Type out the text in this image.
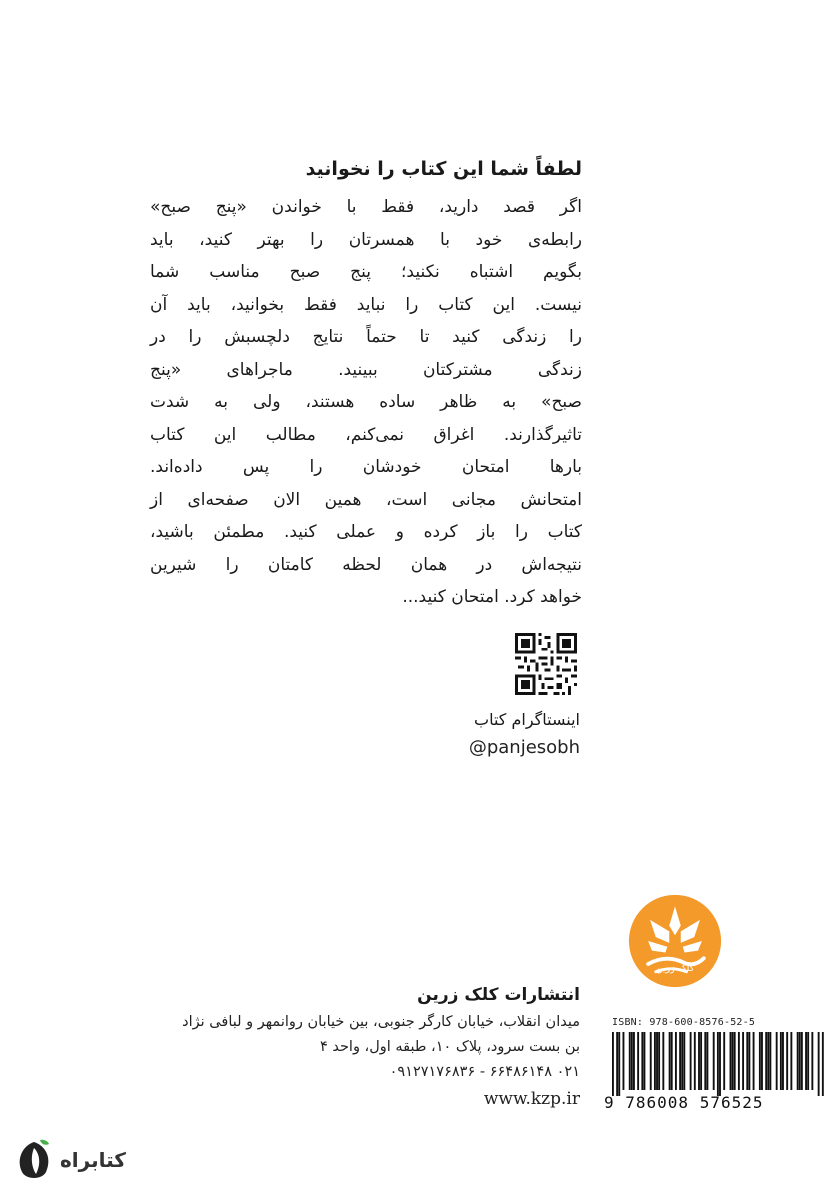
لطفاً شما این کتاب را نخوانید

اگر قصد دارید، فقط با خواندن «پنج صبح»

رابطه‌ی خود با همسرتان را بهتر کنید، باید

بگویم اشتباه نکنید؛ پنج صبح مناسب شما

نیست. این کتاب را نباید فقط بخوانید، باید آن

را زندگی کنید تا حتماً نتایج دلچسبش را در

زندگی مشترکتان ببینید. ماجراهای «پنج

صبح» به ظاهر ساده هستند، ولی به شدت

تاثیرگذارند. اغراق نمی‌کنم، مطالب این کتاب

بارها امتحان خودشان را پس داده‌اند.

امتحانش مجانی است، همین الان صفحه‌ای از

کتاب را باز کرده و عملی کنید. مطمئن باشید،

نتیجه‌اش در همان لحظه کامتان را شیرین

خواهد کرد. امتحان کنید...

اینستاگرام کتاب
@panjesobh
کلک زرین
انتشارات کلک زرین
میدان انقلاب، خیابان کارگر جنوبی، بین خیابان روانمهر و لبافی نژاد
بن بست سرود، پلاک ۱۰، طبقه اول، واحد ۴
۰۲۱ ۶۶۴۸۶۱۴۸ - ۰۹۱۲۷۱۷۶۸۳۶
www.kzp.ir
ISBN: 978-600-8576-52-5
9 786008 576525
کتابراه
